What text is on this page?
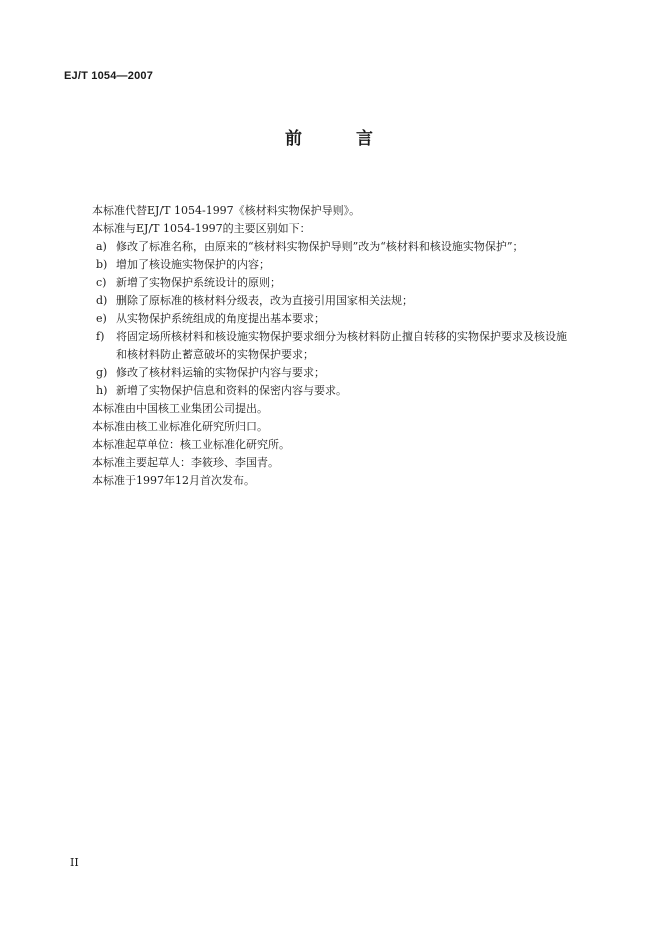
EJ/T 1054—2007
前 言
本标准代替EJ/T 1054-1997《核材料实物保护导则》。
本标准与EJ/T 1054-1997的主要区别如下：
a) 修改了标准名称，由原来的“核材料实物保护导则”改为“核材料和核设施实物保护”；
b) 增加了核设施实物保护的内容；
c) 新增了实物保护系统设计的原则；
d) 删除了原标准的核材料分级表，改为直接引用国家相关法规；
e) 从实物保护系统组成的角度提出基本要求；
f)	将固定场所核材料和核设施实物保护要求细分为核材料防止擅自转移的实物保护要求及核设施和核材料防止蓄意破坏的实物保护要求；
g) 修改了核材料运输的实物保护内容与要求；
h) 新增了实物保护信息和资料的保密内容与要求。
本标准由中国核工业集团公司提出。
本标准由核工业标准化研究所归口。
本标准起草单位：核工业标准化研究所。
本标准主要起草人：李筱珍、李国青。
本标准于1997年12月首次发布。
II
